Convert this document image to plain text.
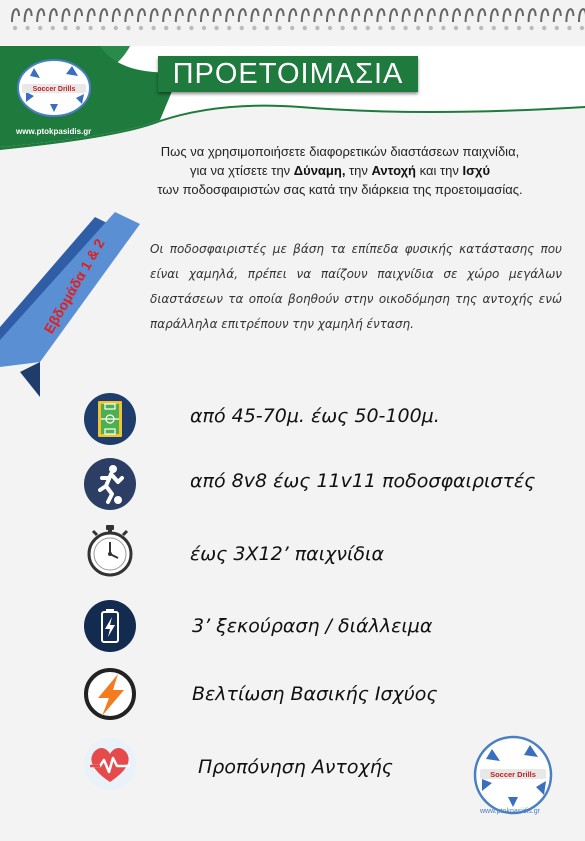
Soccer Drills
www.ptokpasidis.gr
ΠΡΟΕΤΟΙΜΑΣΙΑ
Πως να χρησιμοποιήσετε διαφορετικών διαστάσεων παιχνίδια,
για να χτίσετε την Δύναμη, την Αντοχή και την Ισχύ
των ποδοσφαιριστών σας κατά την διάρκεια της προετοιμασίας.
Εβδομάδα 1 & 2	Οι ποδοσφαιριστές με βάση τα επίπεδα φυσικής κατάστασης που είναι χαμηλά, πρέπει να παίζουν παιχνίδια σε χώρο μεγάλων διαστάσεων τα οποία βοηθούν στην οικοδόμηση της αντοχής ενώ παράλληλα επιτρέπουν την χαμηλή ένταση.
από 45-70μ. έως 50-100μ.
από 8v8 έως 11v11 ποδοσφαιριστές
έως 3Χ12’ παιχνίδια
3’ ξεκούραση / διάλλειμα
Βελτίωση Βασικής Ισχύος
Προπόνηση Αντοχής	Soccer Drills
www.ptokpasidis.gr
